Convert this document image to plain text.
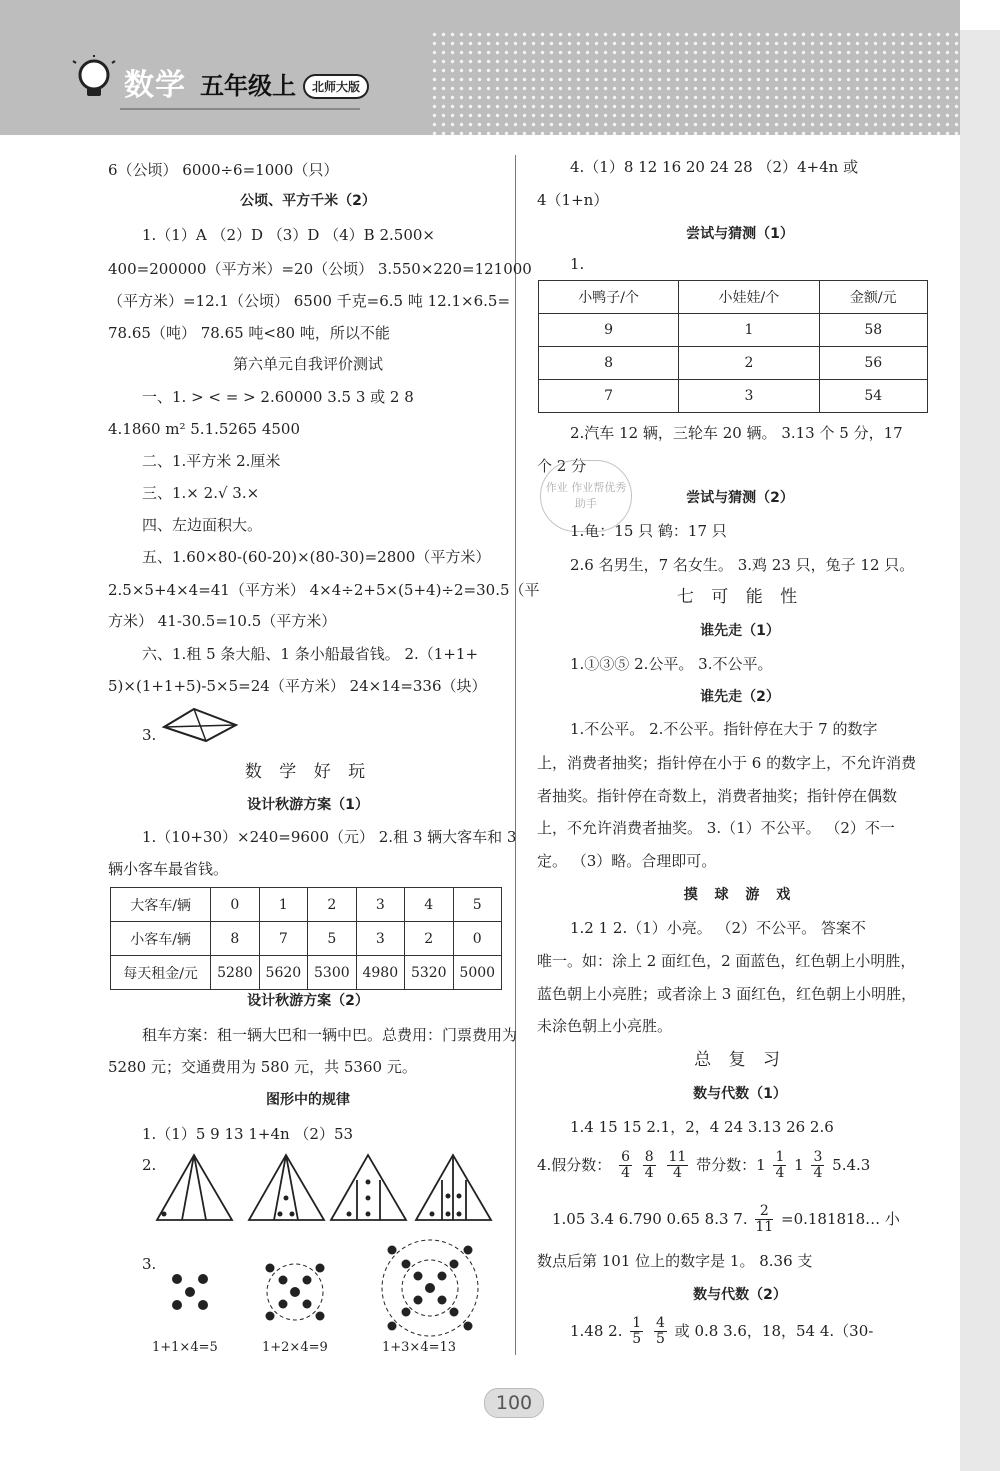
数学 五年级上	北师大版
6（公顷） 6000÷6=1000（只）
公顷、平方千米（2）
1.（1）A （2）D （3）D （4）B 2.500×
400=200000（平方米）=20（公顷） 3.550×220=121000
（平方米）=12.1（公顷） 6500 千克=6.5 吨 12.1×6.5=
78.65（吨） 78.65 吨<80 吨，所以不能
第六单元自我评价测试
一、1. > < = > 2.60000 3.5 3 或 2 8
4.1860 m² 5.1.5265 4500
二、1.平方米 2.厘米
三、1.× 2.√ 3.×
四、左边面积大。
五、1.60×80-(60-20)×(80-30)=2800（平方米）
2.5×5+4×4=41（平方米） 4×4÷2+5×(5+4)÷2=30.5（平
方米） 41-30.5=10.5（平方米）
六、1.租 5 条大船、1 条小船最省钱。 2.（1+1+
5)×(1+1+5)-5×5=24（平方米） 24×14=336（块）
3.
数 学 好 玩
设计秋游方案（1）
1.（10+30）×240=9600（元） 2.租 3 辆大客车和 3
辆小客车最省钱。
大客车/辆	0	1	2	3	4	5
小客车/辆	8	7	5	3	2	0
每天租金/元	5280	5620	5300	4980	5320	5000
设计秋游方案（2）
租车方案：租一辆大巴和一辆中巴。总费用：门票费用为
5280 元；交通费用为 580 元，共 5360 元。
图形中的规律
1.（1）5 9 13 1+4n （2）53
2.
3.
1+1×4=5	1+2×4=9	1+3×4=13
4.（1）8 12 16 20 24 28 （2）4+4n 或
4（1+n）
尝试与猜测（1）
1.
小鸭子/个	小娃娃/个	金额/元
9	1	58
8	2	56
7	3	54
2.汽车 12 辆，三轮车 20 辆。 3.13 个 5 分，17
个 2 分
作业 作业帮优秀助手	尝试与猜测（2）
1.龟：15 只 鹤：17 只
2.6 名男生，7 名女生。 3.鸡 23 只，兔子 12 只。
七 可 能 性
谁先走（1）
1.①③⑤ 2.公平。 3.不公平。
谁先走（2）
1.不公平。 2.不公平。指针停在大于 7 的数字
上，消费者抽奖；指针停在小于 6 的数字上，不允许消费
者抽奖。指针停在奇数上，消费者抽奖；指针停在偶数
上，不允许消费者抽奖。 3.（1）不公平。 （2）不一
定。 （3）略。合理即可。
摸 球 游 戏
1.2 1 2.（1）小亮。 （2）不公平。 答案不
唯一。如：涂上 2 面红色，2 面蓝色，红色朝上小明胜，
蓝色朝上小亮胜；或者涂上 3 面红色，红色朝上小明胜，
未涂色朝上小亮胜。
总 复 习
数与代数（1）
1.4 15 15 2.1，2，4 24 3.13 26 2.6
4.假分数： $\frac{6}{4}$
$\frac{8}{4}$
$\frac{11}{4}$ 带分数：$1 \frac{1}{4} 1 \frac{3}{4} 5.4.3$
1.05 3.4 6.790 0.65 8.3 7. $\frac{2}{11}$ =0.181818… 小
数点后第 101 位上的数字是 1。 8.36 支
数与代数（2）
1.48 2. $\frac{1}{5}$
$\frac{4}{5}$ 或 0.8 3.6，18，54 4.（30-
100
